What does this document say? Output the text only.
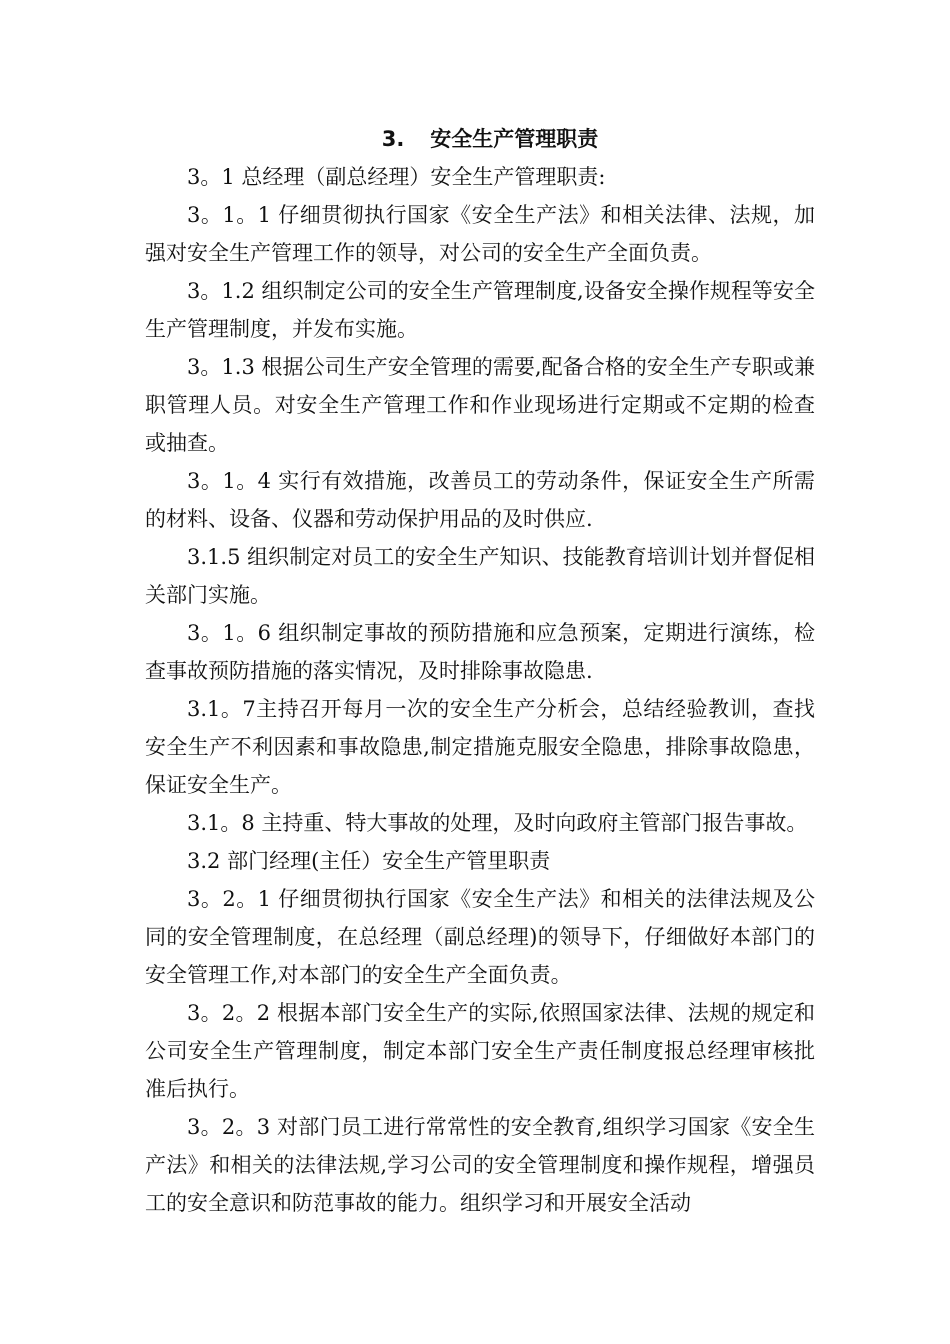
3. 安全生产管理职责

3。1 总经理（副总经理）安全生产管理职责:

3。1。1 仔细贯彻执行国家《安全生产法》和相关法律、法规，加强对安全生产管理工作的领导，对公司的安全生产全面负责。

3。1.2 组织制定公司的安全生产管理制度,设备安全操作规程等安全生产管理制度，并发布实施。

3。1.3 根据公司生产安全管理的需要,配备合格的安全生产专职或兼职管理人员。对安全生产管理工作和作业现场进行定期或不定期的检查或抽查。

3。1。4 实行有效措施，改善员工的劳动条件，保证安全生产所需的材料、设备、仪器和劳动保护用品的及时供应.

3.1.5 组织制定对员工的安全生产知识、技能教育培训计划并督促相关部门实施。

3。1。6 组织制定事故的预防措施和应急预案，定期进行演练，检查事故预防措施的落实情况，及时排除事故隐患.

3.1。7主持召开每月一次的安全生产分析会，总结经验教训，查找安全生产不利因素和事故隐患,制定措施克服安全隐患，排除事故隐患，保证安全生产。

3.1。8 主持重、特大事故的处理，及时向政府主管部门报告事故。

3.2 部门经理(主任）安全生产管里职责

3。2。1 仔细贯彻执行国家《安全生产法》和相关的法律法规及公同的安全管理制度，在总经理（副总经理)的领导下，仔细做好本部门的安全管理工作,对本部门的安全生产全面负责。

3。2。2 根据本部门安全生产的实际,依照国家法律、法规的规定和公司安全生产管理制度，制定本部门安全生产责任制度报总经理审核批准后执行。

3。2。3 对部门员工进行常常性的安全教育,组织学习国家《安全生产法》和相关的法律法规,学习公司的安全管理制度和操作规程，增强员工的安全意识和防范事故的能力。组织学习和开展安全活动
